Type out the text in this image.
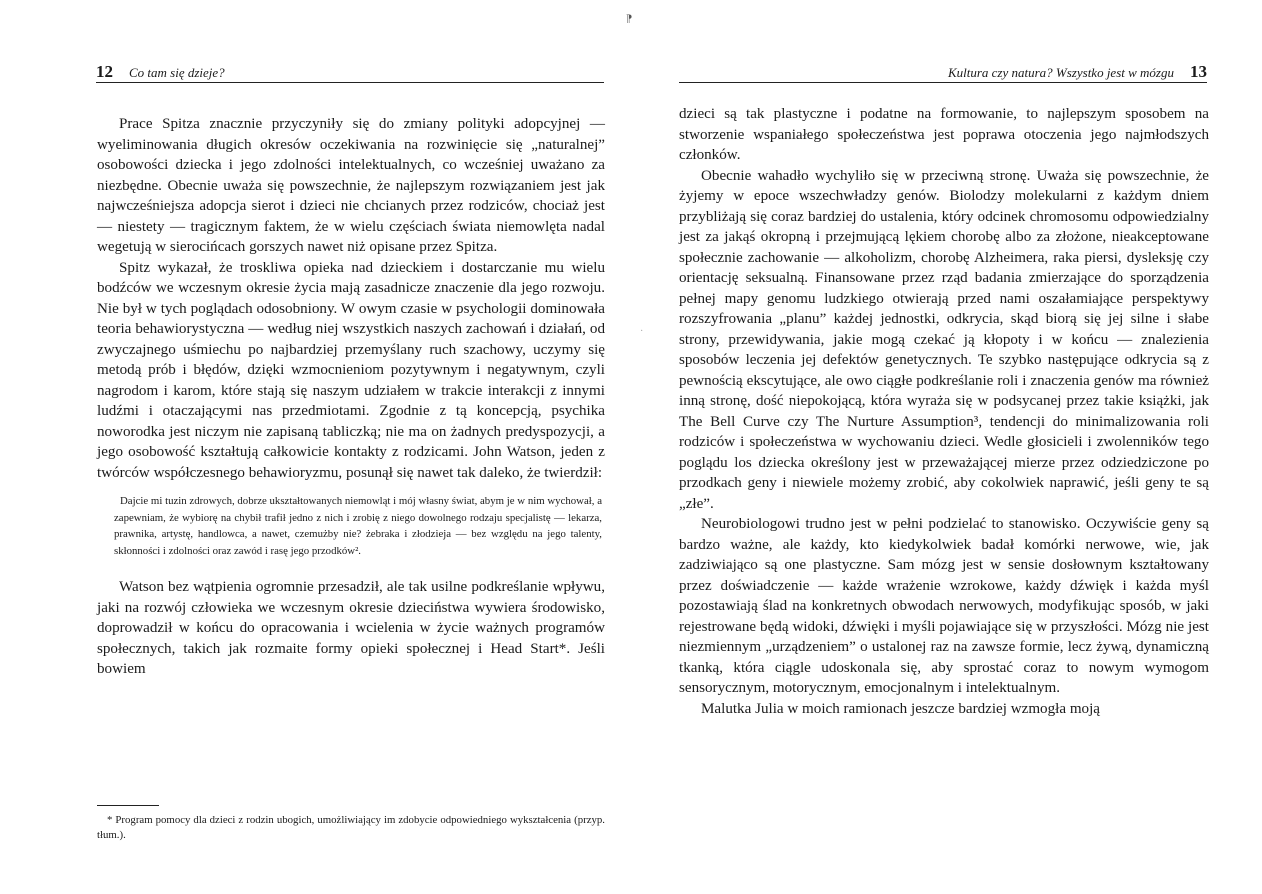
⁋
·
12 Co tam się dzieje?

Prace Spitza znacznie przyczyniły się do zmiany polityki adopcyjnej — wyeliminowania długich okresów oczekiwania na rozwinięcie się „naturalnej” osobowości dziecka i jego zdolności intelektualnych, co wcześniej uważano za niezbędne. Obecnie uważa się powszechnie, że najlepszym rozwiązaniem jest jak najwcześniejsza adopcja sierot i dzieci nie chcianych przez rodziców, chociaż jest — niestety — tragicznym faktem, że w wielu częściach świata niemowlęta nadal wegetują w sierocińcach gorszych nawet niż opisane przez Spitza.

Spitz wykazał, że troskliwa opieka nad dzieckiem i dostarczanie mu wielu bodźców we wczesnym okresie życia mają zasadnicze znaczenie dla jego rozwoju. Nie był w tych poglądach odosobniony. W owym czasie w psychologii dominowała teoria behawiorystyczna — według niej wszystkich naszych zachowań i działań, od zwyczajnego uśmiechu po najbardziej przemyślany ruch szachowy, uczymy się metodą prób i błędów, dzięki wzmocnieniom pozytywnym i negatywnym, czyli nagrodom i karom, które stają się naszym udziałem w trakcie interakcji z innymi ludźmi i otaczającymi nas przedmiotami. Zgodnie z tą koncepcją, psychika noworodka jest niczym nie zapisaną tabliczką; nie ma on żadnych predyspozycji, a jego osobowość kształtują całkowicie kontakty z rodzicami. John Watson, jeden z twórców współczesnego behawioryzmu, posunął się nawet tak daleko, że twierdził:

Dajcie mi tuzin zdrowych, dobrze ukształtowanych niemowląt i mój własny świat, abym je w nim wychował, a zapewniam, że wybiorę na chybił trafił jedno z nich i zrobię z niego dowolnego rodzaju specjalistę — lekarza, prawnika, artystę, handlowca, a nawet, czemużby nie? żebraka i złodzieja — bez względu na jego talenty, skłonności i zdolności oraz zawód i rasę jego przodków².

Watson bez wątpienia ogromnie przesadził, ale tak usilne podkreślanie wpływu, jaki na rozwój człowieka we wczesnym okresie dzieciństwa wywiera środowisko, doprowadził w końcu do opracowania i wcielenia w życie ważnych programów społecznych, takich jak rozmaite formy opieki społecznej i Head Start*. Jeśli bowiem

* Program pomocy dla dzieci z rodzin ubogich, umożliwiający im zdobycie odpowiedniego wykształcenia (przyp. tłum.).
Kultura czy natura? Wszystko jest w mózgu 13

dzieci są tak plastyczne i podatne na formowanie, to najlepszym sposobem na stworzenie wspaniałego społeczeństwa jest poprawa otoczenia jego najmłodszych członków.

Obecnie wahadło wychyliło się w przeciwną stronę. Uważa się powszechnie, że żyjemy w epoce wszechwładzy genów. Biolodzy molekularni z każdym dniem przybliżają się coraz bardziej do ustalenia, który odcinek chromosomu odpowiedzialny jest za jakąś okropną i przejmującą lękiem chorobę albo za złożone, nieakceptowane społecznie zachowanie — alkoholizm, chorobę Alzheimera, raka piersi, dysleksję czy orientację seksualną. Finansowane przez rząd badania zmierzające do sporządzenia pełnej mapy genomu ludzkiego otwierają przed nami oszałamiające perspektywy rozszyfrowania „planu” każdej jednostki, odkrycia, skąd biorą się jej silne i słabe strony, przewidywania, jakie mogą czekać ją kłopoty i w końcu — znalezienia sposobów leczenia jej defektów genetycznych. Te szybko następujące odkrycia są z pewnością ekscytujące, ale owo ciągłe podkreślanie roli i znaczenia genów ma również inną stronę, dość niepokojącą, która wyraża się w podsycanej przez takie książki, jak The Bell Curve czy The Nurture Assumption³, tendencji do minimalizowania roli rodziców i społeczeństwa w wychowaniu dzieci. Wedle głosicieli i zwolenników tego poglądu los dziecka określony jest w przeważającej mierze przez odziedziczone po przodkach geny i niewiele możemy zrobić, aby cokolwiek naprawić, jeśli geny te są „złe”.

Neurobiologowi trudno jest w pełni podzielać to stanowisko. Oczywiście geny są bardzo ważne, ale każdy, kto kiedykolwiek badał komórki nerwowe, wie, jak zadziwiająco są one plastyczne. Sam mózg jest w sensie dosłownym kształtowany przez doświadczenie — każde wrażenie wzrokowe, każdy dźwięk i każda myśl pozostawiają ślad na konkretnych obwodach nerwowych, modyfikując sposób, w jaki rejestrowane będą widoki, dźwięki i myśli pojawiające się w przyszłości. Mózg nie jest niezmiennym „urządzeniem” o ustalonej raz na zawsze formie, lecz żywą, dynamiczną tkanką, która ciągle udoskonala się, aby sprostać coraz to nowym wymogom sensorycznym, motorycznym, emocjonalnym i intelektualnym.

Malutka Julia w moich ramionach jeszcze bardziej wzmogła moją
